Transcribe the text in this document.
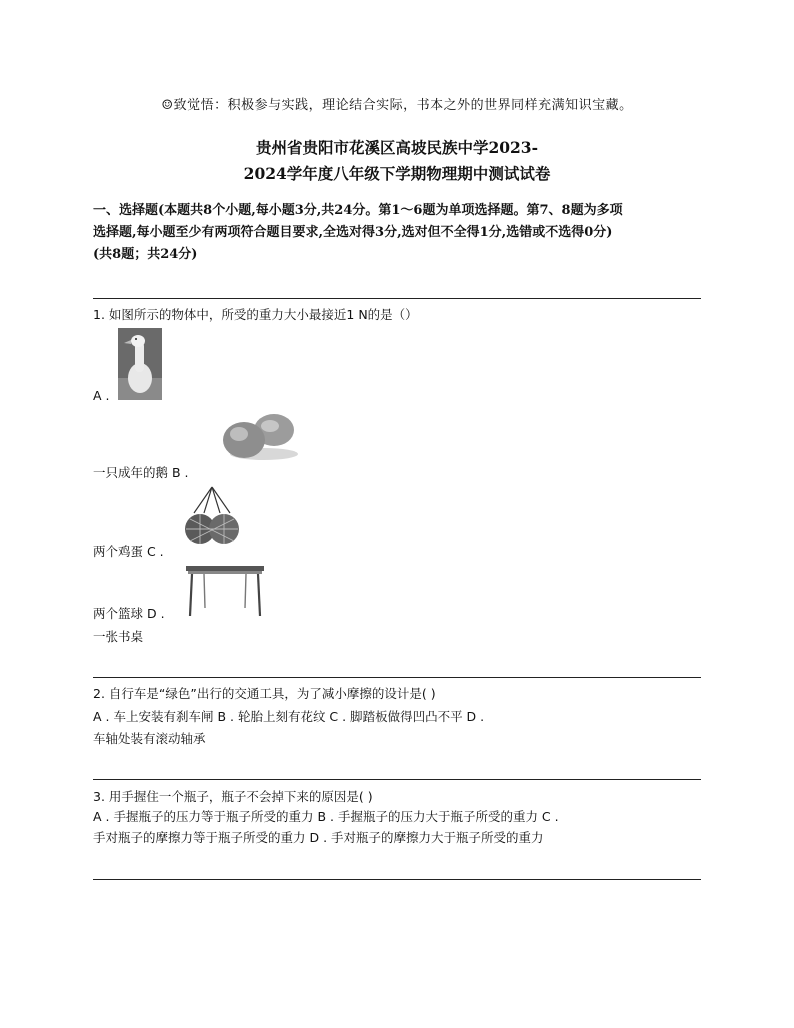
☺致觉悟：积极参与实践，理论结合实际，书本之外的世界同样充满知识宝藏。
贵州省贵阳市花溪区高坡民族中学2023-
2024学年度八年级下学期物理期中测试试卷
一、选择题(本题共8个小题,每小题3分,共24分。第1～6题为单项选择题。第7、8题为多项
选择题,每小题至少有两项符合题目要求,全选对得3分,选对但不全得1分,选错或不选得0分)
(共8题；共24分)
1. 如图所示的物体中，所受的重力大小最接近1 N的是（）
A .
一只成年的鹅 B .
两个鸡蛋 C .
两个篮球 D .
一张书桌
2. 自行车是“绿色”出行的交通工具，为了减小摩擦的设计是( )
A . 车上安装有刹车闸 B . 轮胎上刻有花纹 C . 脚踏板做得凹凸不平 D .
车轴处装有滚动轴承
3. 用手握住一个瓶子，瓶子不会掉下来的原因是( )
A . 手握瓶子的压力等于瓶子所受的重力 B . 手握瓶子的压力大于瓶子所受的重力 C .
手对瓶子的摩擦力等于瓶子所受的重力 D . 手对瓶子的摩擦力大于瓶子所受的重力
